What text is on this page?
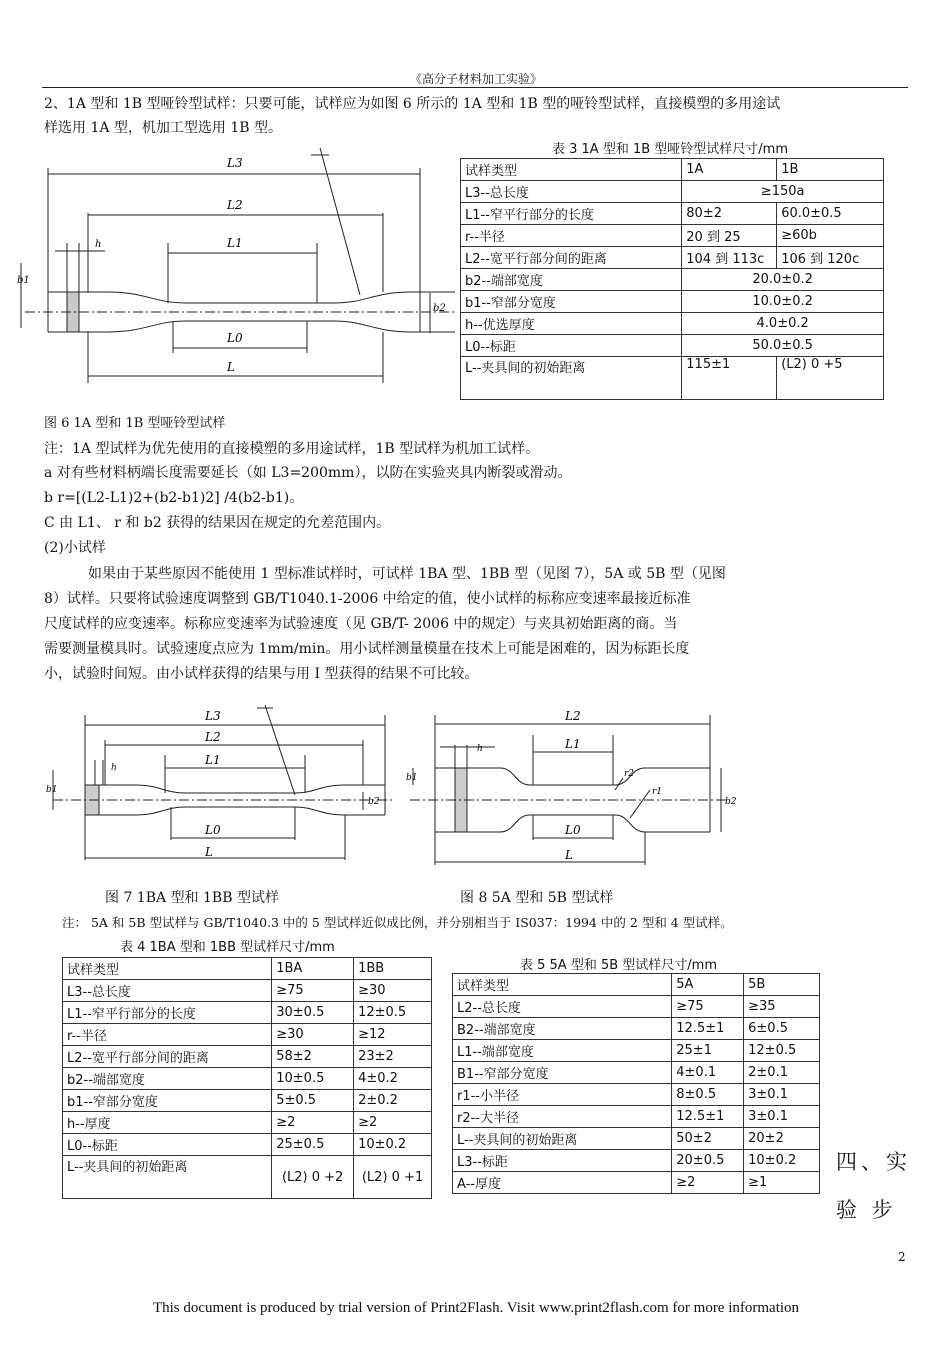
《高分子材料加工实验》
2、1A 型和 1B 型哑铃型试样：只要可能，试样应为如图 6 所示的 1A 型和 1B 型的哑铃型试样，直接模塑的多用途试
样选用 1A 型，机加工型选用 1B 型。
L3
L2
L1
h
b1
b2
L0
L
表 3 1A 型和 1B 型哑铃型试样尺寸/mm
试样类型	1A	1B
L3--总长度	≥150a	
L1--窄平行部分的长度	80±2	60.0±0.5
r--半径	20 到 25	≥60b
L2--宽平行部分间的距离	104 到 113c	106 到 120c
b2--端部宽度	20.0±0.2	
b1--窄部分宽度	10.0±0.2	
h--优选厚度	4.0±0.2	
L0--标距	50.0±0.5	
L--夹具间的初始距离	115±1	(L2) 0 +5
图 6 1A 型和 1B 型哑铃型试样
注：1A 型试样为优先使用的直接模塑的多用途试样，1B 型试样为机加工试样。
a 对有些材料柄端长度需要延长（如 L3=200mm），以防在实验夹具内断裂或滑动。
b r=[(L2-L1)2+(b2-b1)2] /4(b2-b1)。
C 由 L1、 r 和 b2 获得的结果因在规定的允差范围内。
(2)小试样
如果由于某些原因不能使用 1 型标准试样时，可试样 1BA 型、1BB 型（见图 7），5A 或 5B 型（见图
8）试样。只要将试验速度调整到 GB/T1040.1-2006 中给定的值，使小试样的标称应变速率最接近标准
尺度试样的应变速率。标称应变速率为试验速度（见 GB/T- 2006 中的规定）与夹具初始距离的商。当
需要测量模具时。试验速度点应为 1mm/min。用小试样测量模量在技术上可能是困难的，因为标距长度
小，试验时间短。由小试样获得的结果与用 I 型获得的结果不可比较。
L3
L2
L1
h
b1
b2
L0
L
L2
L1
h
b1
b2
r2
r1
L0
L
图 7 1BA 型和 1BB 型试样	图 8 5A 型和 5B 型试样
注： 5A 和 5B 型试样与 GB/T1040.3 中的 5 型试样近似成比例，并分别相当于 IS037：1994 中的 2 型和 4 型试样。
表 4 1BA 型和 1BB 型试样尺寸/mm
试样类型	1BA	1BB
L3--总长度	≥75	≥30
L1--窄平行部分的长度	30±0.5	12±0.5
r--半径	≥30	≥12
L2--宽平行部分间的距离	58±2	23±2
b2--端部宽度	10±0.5	4±0.2
b1--窄部分宽度	5±0.5	2±0.2
h--厚度	≥2	≥2
L0--标距	25±0.5	10±0.2
L--夹具间的初始距离	(L2) 0 +2	(L2) 0 +1
表 5 5A 型和 5B 型试样尺寸/mm
试样类型	5A	5B
L2--总长度	≥75	≥35
B2--端部宽度	12.5±1	6±0.5
L1--端部宽度	25±1	12±0.5
B1--窄部分宽度	4±0.1	2±0.1
r1--小半径	8±0.5	3±0.1
r2--大半径	12.5±1	3±0.1
L--夹具间的初始距离	50±2	20±2
L3--标距	20±0.5	10±0.2
A--厚度	≥2	≥1
四、实
验 步
2
This document is produced by trial version of Print2Flash. Visit www.print2flash.com for more information
